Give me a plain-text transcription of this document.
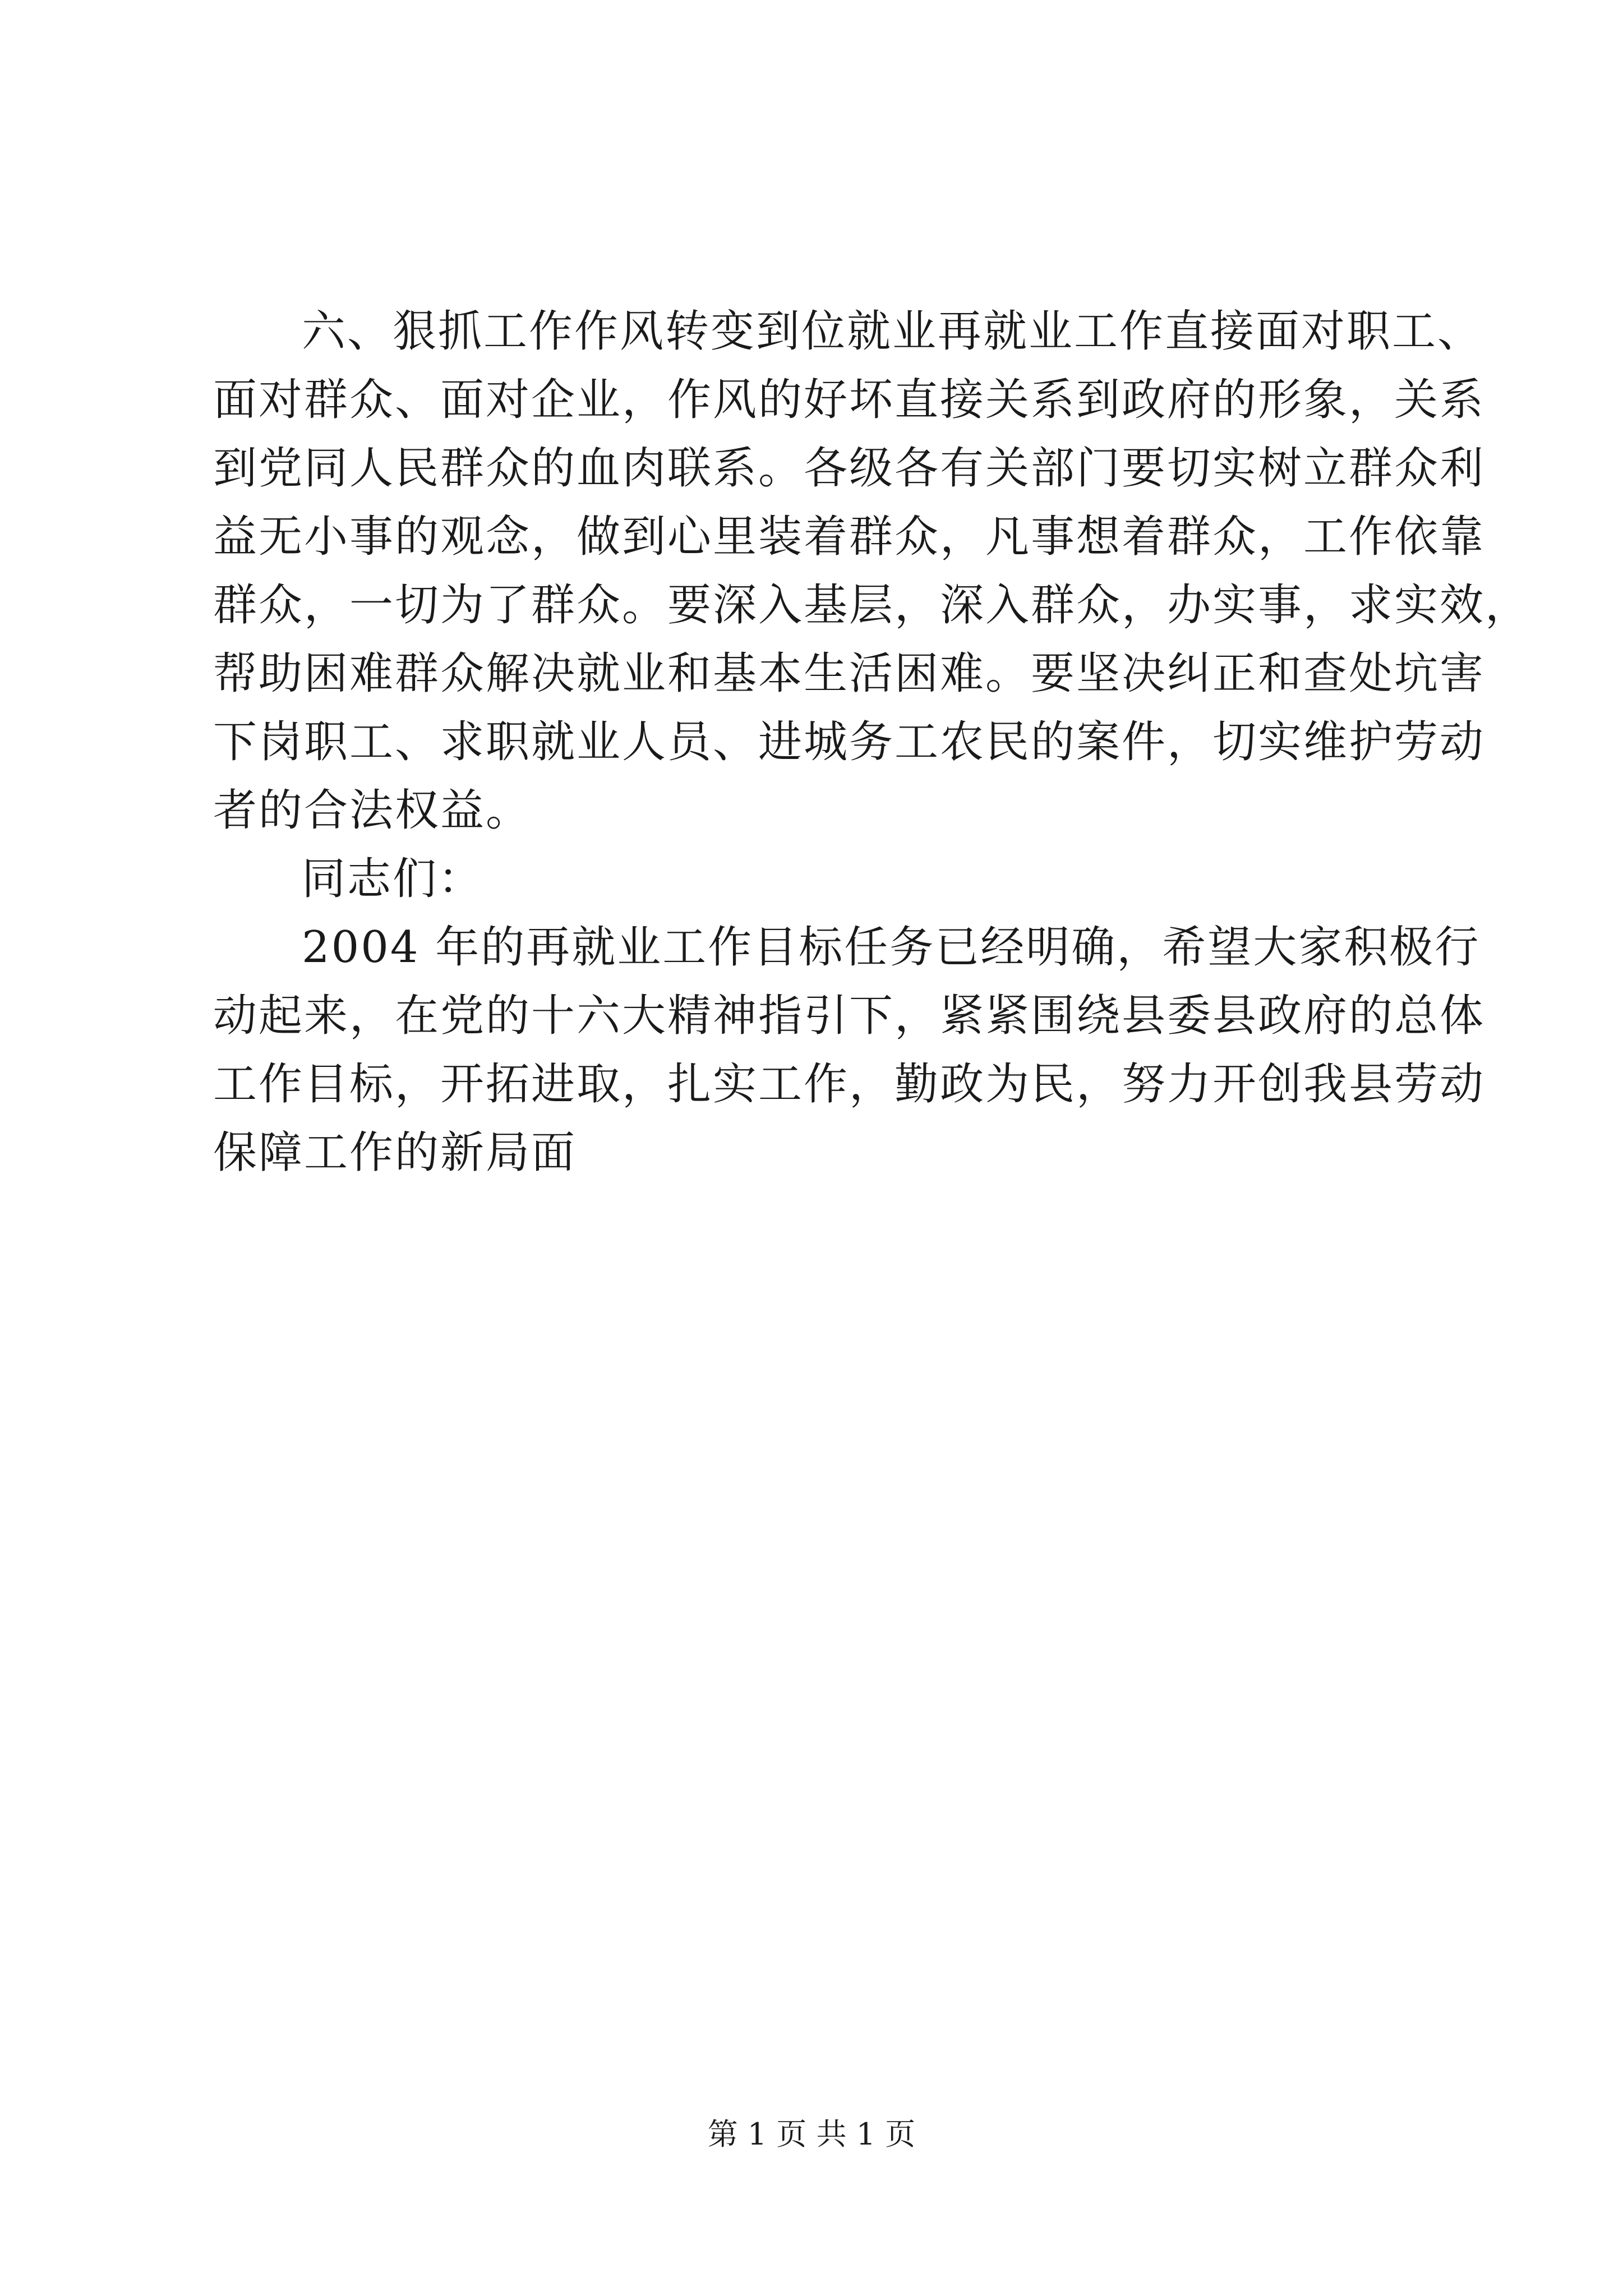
六、狠抓工作作风转变到位就业再就业工作直接面对职工、
面对群众、面对企业，作风的好坏直接关系到政府的形象，关系
到党同人民群众的血肉联系。各级各有关部门要切实树立群众利
益无小事的观念，做到心里装着群众，凡事想着群众，工作依靠
群众，一切为了群众。要深入基层，深入群众，办实事，求实效，
帮助困难群众解决就业和基本生活困难。要坚决纠正和查处坑害
下岗职工、求职就业人员、进城务工农民的案件，切实维护劳动
者的合法权益。
同志们：
2004 年的再就业工作目标任务已经明确，希望大家积极行
动起来，在党的十六大精神指引下，紧紧围绕县委县政府的总体
工作目标，开拓进取，扎实工作，勤政为民，努力开创我县劳动
保障工作的新局面
第 1 页 共 1 页
